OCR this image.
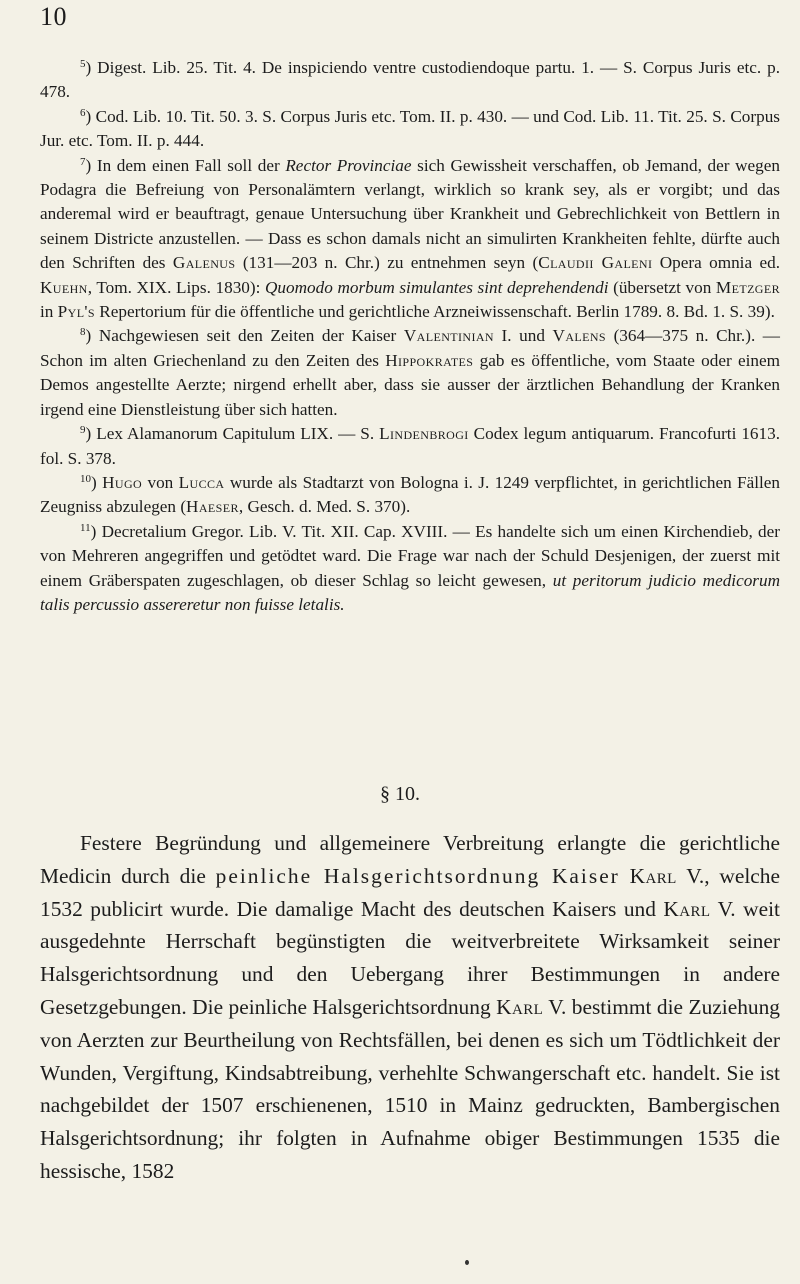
10

$^5$) Digest. Lib. 25. Tit. 4. De inspiciendo ventre custodiendoque partu. 1. — S. Corpus Juris etc. p. 478.

$^6$) Cod. Lib. 10. Tit. 50. 3. S. Corpus Juris etc. Tom. II. p. 430. — und Cod. Lib. 11. Tit. 25. S. Corpus Jur. etc. Tom. II. p. 444.

$^7$) In dem einen Fall soll der Rector Provinciae sich Gewissheit verschaffen, ob Jemand, der wegen Podagra die Befreiung von Personalämtern verlangt, wirklich so krank sey, als er vorgibt; und das anderemal wird er beauftragt, genaue Untersuchung über Krankheit und Gebrechlichkeit von Bettlern in seinem Districte anzustellen. — Dass es schon damals nicht an simulirten Krankheiten fehlte, dürfte auch den Schriften des Galenus (131—203 n. Chr.) zu entnehmen seyn (Claudii Galeni Opera omnia ed. Kuehn, Tom. XIX. Lips. 1830): Quomodo morbum simulantes sint deprehendendi (übersetzt von Metzger in Pyl's Repertorium für die öffentliche und gerichtliche Arzneiwissenschaft. Berlin 1789. 8. Bd. 1. S. 39).

$^8$) Nachgewiesen seit den Zeiten der Kaiser Valentinian I. und Valens (364—375 n. Chr.). — Schon im alten Griechenland zu den Zeiten des Hippokrates gab es öffentliche, vom Staate oder einem Demos angestellte Aerzte; nirgend erhellt aber, dass sie ausser der ärztlichen Behandlung der Kranken irgend eine Dienstleistung über sich hatten.

$^9$) Lex Alamanorum Capitulum LIX. — S. Lindenbrogi Codex legum antiquarum. Francofurti 1613. fol. S. 378.

$^{10}$) Hugo von Lucca wurde als Stadtarzt von Bologna i. J. 1249 verpflichtet, in gerichtlichen Fällen Zeugniss abzulegen (Haeser, Gesch. d. Med. S. 370).

$^{11}$) Decretalium Gregor. Lib. V. Tit. XII. Cap. XVIII. — Es handelte sich um einen Kirchendieb, der von Mehreren angegriffen und getödtet ward. Die Frage war nach der Schuld Desjenigen, der zuerst mit einem Gräberspaten zugeschlagen, ob dieser Schlag so leicht gewesen, ut peritorum judicio medicorum talis percussio assereretur non fuisse letalis.

§ 10.

Festere Begründung und allgemeinere Verbreitung erlangte die gerichtliche Medicin durch die peinliche Halsgerichtsordnung Kaiser Karl V., welche 1532 publicirt wurde. Die damalige Macht des deutschen Kaisers und Karl V. weit ausgedehnte Herrschaft begünstigten die weitverbreitete Wirksamkeit seiner Halsgerichtsordnung und den Uebergang ihrer Bestimmungen in andere Gesetzgebungen. Die peinliche Halsgerichtsordnung Karl V. bestimmt die Zuziehung von Aerzten zur Beurtheilung von Rechtsfällen, bei denen es sich um Tödtlichkeit der Wunden, Vergiftung, Kindsabtreibung, verhehlte Schwangerschaft etc. handelt. Sie ist nachgebildet der 1507 erschienenen, 1510 in Mainz gedruckten, Bambergischen Halsgerichtsordnung; ihr folgten in Aufnahme obiger Bestimmungen 1535 die hessische, 1582
